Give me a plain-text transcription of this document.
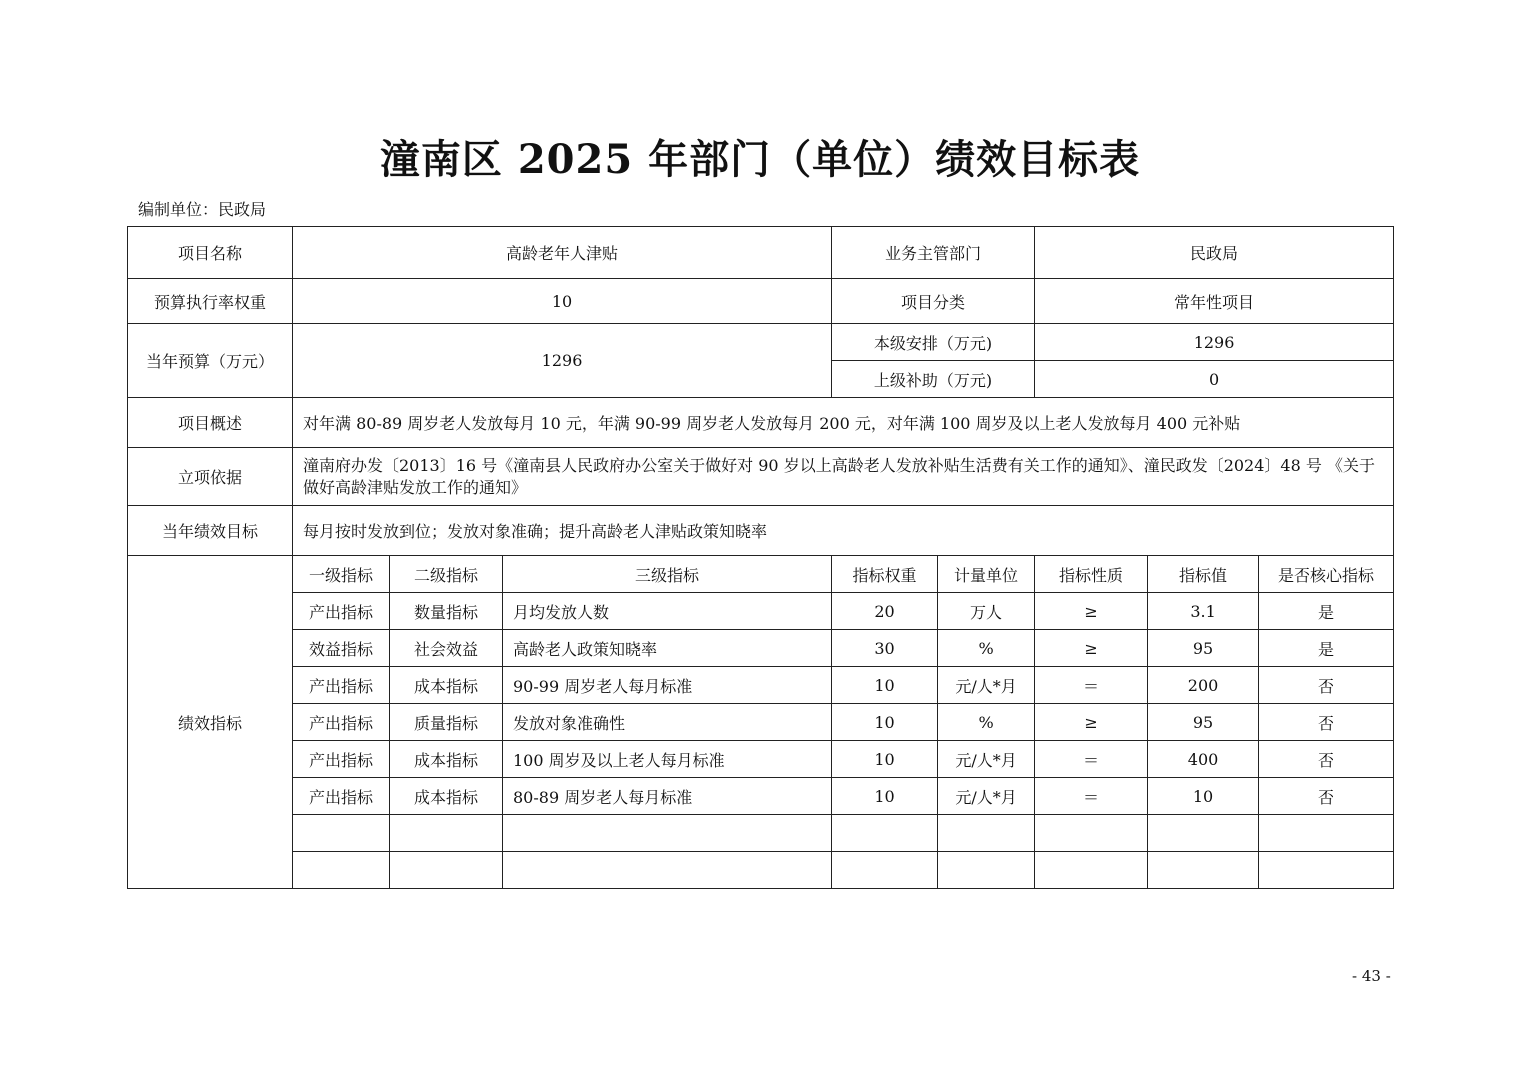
潼南区 2025 年部门（单位）绩效目标表
编制单位：民政局
项目名称	高龄老年人津贴			业务主管部门		民政局		
预算执行率权重	10			项目分类		常年性项目		
当年预算（万元）	1296			本级安排（万元)		1296		
				上级补助（万元)		0		
项目概述	对年满 80-89 周岁老人发放每月 10 元，年满 90-99 周岁老人发放每月 200 元，对年满 100 周岁及以上老人发放每月 400 元补贴							
立项依据	潼南府办发〔2013〕16 号《潼南县人民政府办公室关于做好对 90 岁以上高龄老人发放补贴生活费有关工作的通知》、潼民政发〔2024〕48 号 《关于做好高龄津贴发放工作的通知》							
当年绩效目标	每月按时发放到位；发放对象准确；提升高龄老人津贴政策知晓率							
绩效指标	一级指标	二级指标	三级指标	指标权重	计量单位	指标性质	指标值	是否核心指标
	产出指标	数量指标	月均发放人数	20	万人	≥	3.1	是
	效益指标	社会效益	高龄老人政策知晓率	30	%	≥	95	是
	产出指标	成本指标	90-99 周岁老人每月标准	10	元/人*月	＝	200	否
	产出指标	质量指标	发放对象准确性	10	%	≥	95	否
	产出指标	成本指标	100 周岁及以上老人每月标准	10	元/人*月	＝	400	否
	产出指标	成本指标	80-89 周岁老人每月标准	10	元/人*月	＝	10	否

- 43 -
